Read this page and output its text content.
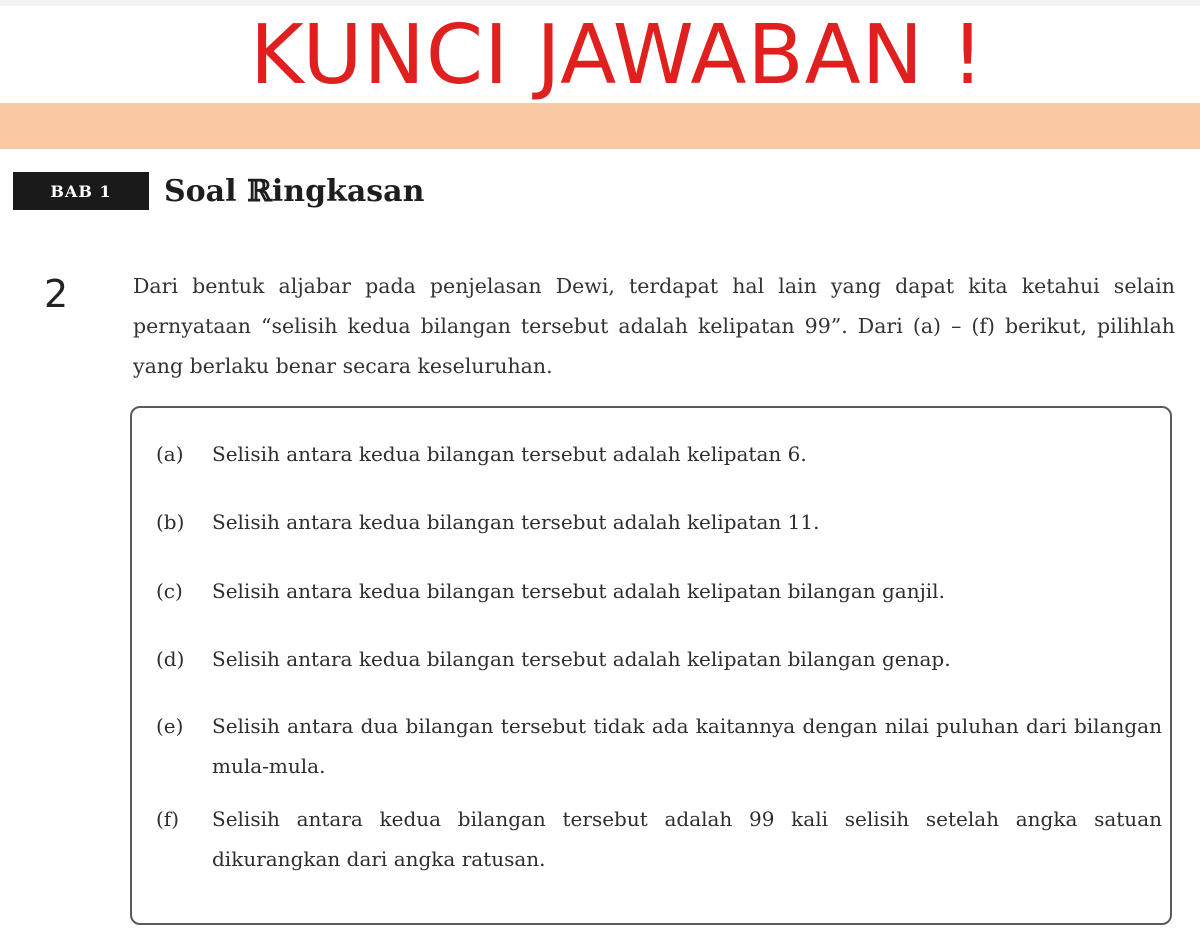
KUNCI JAWABAN !
BAB 1	Soal ℝingkasan
2	Dari bentuk aljabar pada penjelasan Dewi, terdapat hal lain yang dapat kita ketahui selain pernyataan “selisih kedua bilangan tersebut adalah kelipatan 99”. Dari (a) – (f) berikut, pilihlah yang berlaku benar secara keseluruhan.

(a)	Selisih antara kedua bilangan tersebut adalah kelipatan 6.
(b)	Selisih antara kedua bilangan tersebut adalah kelipatan 11.
(c)	Selisih antara kedua bilangan tersebut adalah kelipatan bilangan ganjil.
(d)	Selisih antara kedua bilangan tersebut adalah kelipatan bilangan genap.
(e)	Selisih antara dua bilangan tersebut tidak ada kaitannya dengan nilai puluhan dari bilangan mula-mula.
(f)	Selisih antara kedua bilangan tersebut adalah 99 kali selisih setelah angka satuan dikurangkan dari angka ratusan.
